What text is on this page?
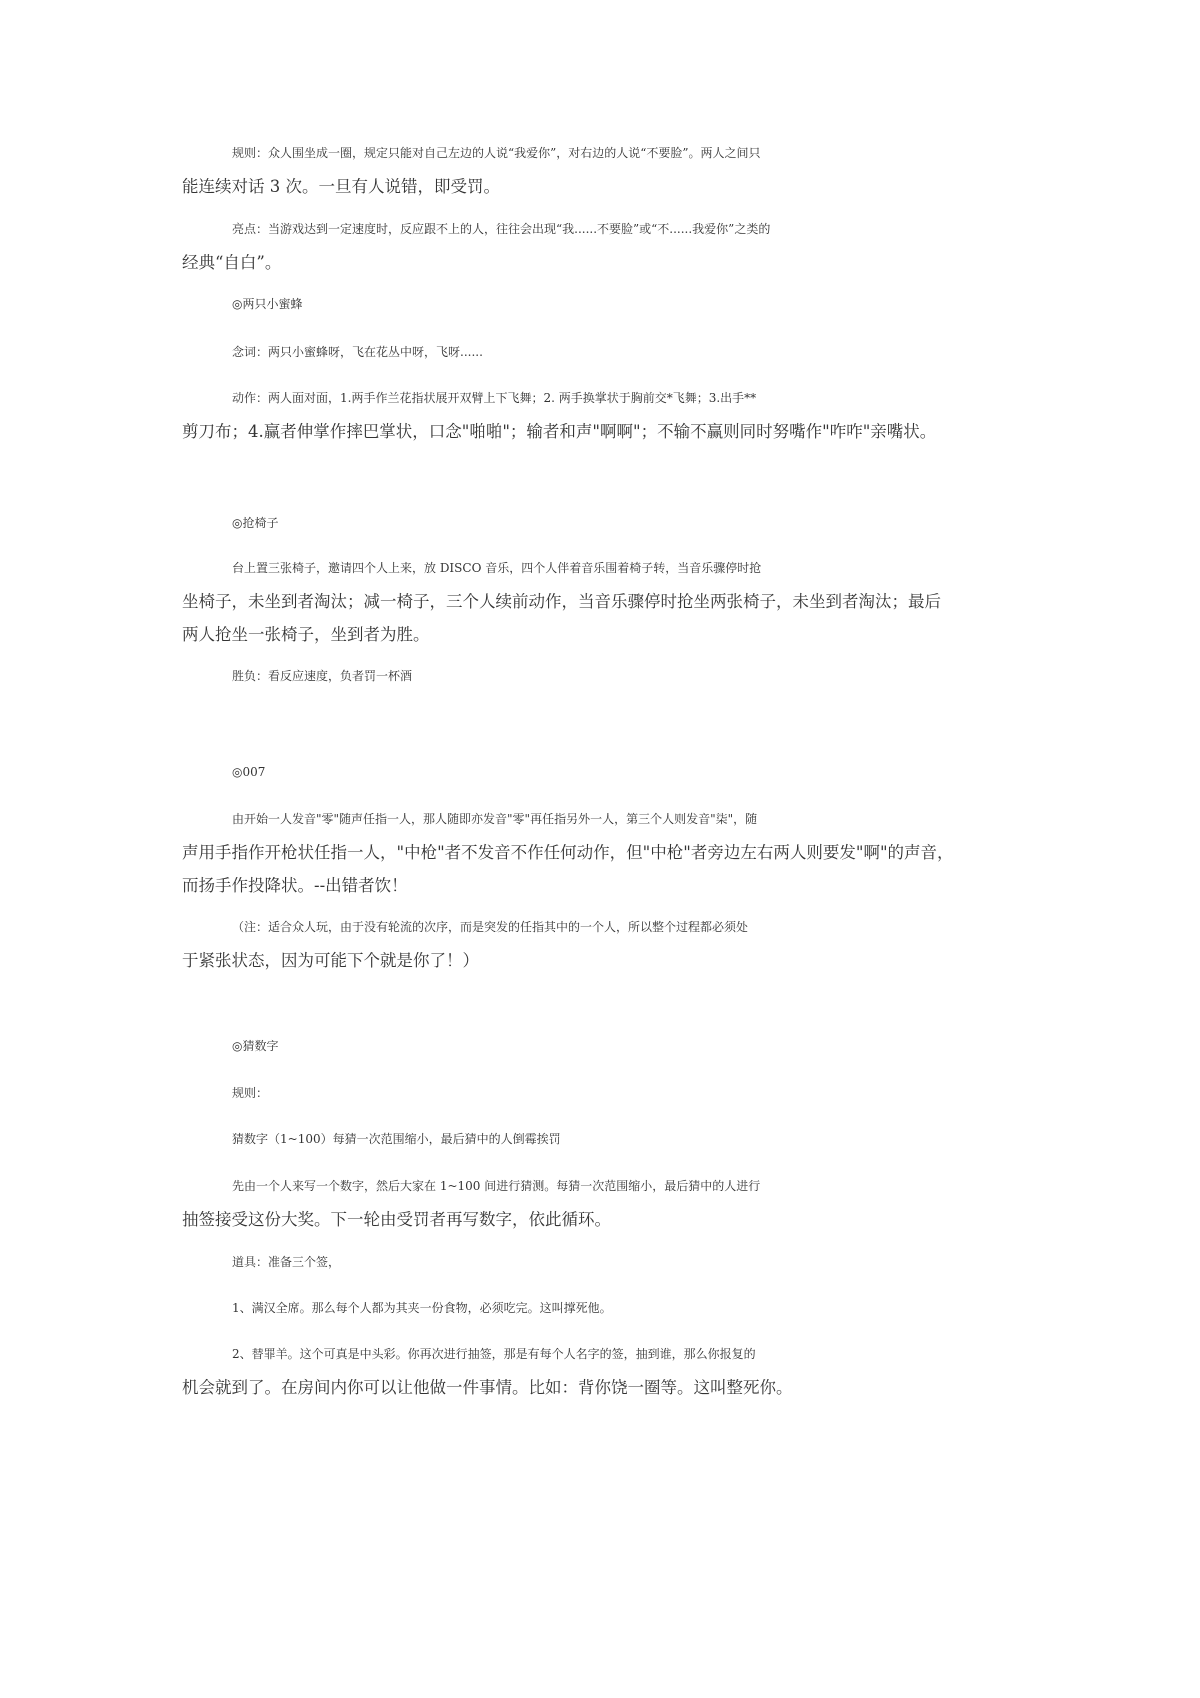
规则：众人围坐成一圈，规定只能对自己左边的人说“我爱你”，对右边的人说“不要脸”。两人之间只
能连续对话 3 次。一旦有人说错，即受罚。

亮点：当游戏达到一定速度时，反应跟不上的人，往往会出现“我......不要脸”或“不......我爱你”之类的
经典“自白”。

◎两只小蜜蜂

念词：两只小蜜蜂呀，飞在花丛中呀，飞呀......

动作：两人面对面，1.两手作兰花指状展开双臂上下飞舞；2. 两手换掌状于胸前交*飞舞；3.出手**
剪刀布；4.赢者伸掌作摔巴掌状，口念"啪啪"；输者和声"啊啊"；不输不赢则同时努嘴作"咋咋"亲嘴状。

◎抢椅子

台上置三张椅子，邀请四个人上来，放 DISCO 音乐，四个人伴着音乐围着椅子转，当音乐骤停时抢
坐椅子，未坐到者淘汰；减一椅子，三个人续前动作，当音乐骤停时抢坐两张椅子，未坐到者淘汰；最后
两人抢坐一张椅子，坐到者为胜。

胜负：看反应速度，负者罚一杯酒

◎007

由开始一人发音"零"随声任指一人，那人随即亦发音"零"再任指另外一人，第三个人则发音"柒"，随
声用手指作开枪状任指一人，"中枪"者不发音不作任何动作，但"中枪"者旁边左右两人则要发"啊"的声音，
而扬手作投降状。--出错者饮！

（注：适合众人玩，由于没有轮流的次序，而是突发的任指其中的一个人，所以整个过程都必须处
于紧张状态，因为可能下个就是你了！）

◎猜数字

规则：

猜数字（1~100）每猜一次范围缩小，最后猜中的人倒霉挨罚

先由一个人来写一个数字，然后大家在 1~100 间进行猜测。每猜一次范围缩小，最后猜中的人进行
抽签接受这份大奖。下一轮由受罚者再写数字，依此循环。

道具：准备三个签，

1、满汉全席。那么每个人都为其夹一份食物，必须吃完。这叫撑死他。

2、替罪羊。这个可真是中头彩。你再次进行抽签，那是有每个人名字的签，抽到谁，那么你报复的
机会就到了。在房间内你可以让他做一件事情。比如：背你饶一圈等。这叫整死你。
